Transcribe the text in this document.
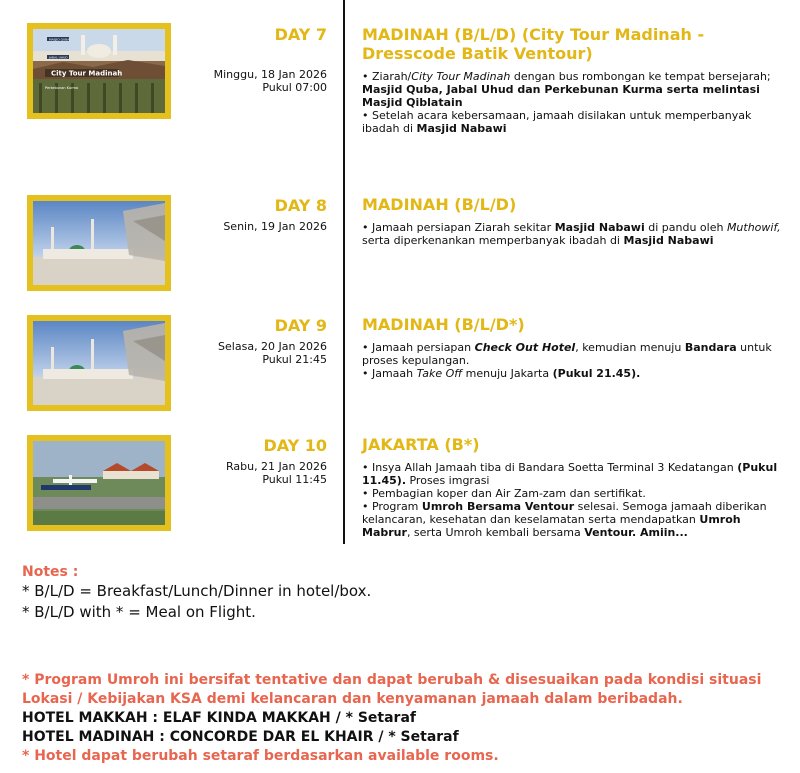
MASJID QUBA
JABAL UHUD
City Tour Madinah
Perkebunan Kurma
DAY 7
Minggu, 18 Jan 2026
Pukul 07:00
MADINAH (B/L/D) (City Tour Madinah - Dresscode Batik Ventour)

• Ziarah/City Tour Madinah dengan bus rombongan ke tempat bersejarah; Masjid Quba, Jabal Uhud dan Perkebunan Kurma serta melintasi Masjid Qiblatain

• Setelah acara kebersamaan, jamaah disilakan untuk memperbanyak ibadah di Masjid Nabawi

DAY 8
Senin, 19 Jan 2026
MADINAH (B/L/D)

• Jamaah persiapan Ziarah sekitar Masjid Nabawi di pandu oleh Muthowif, serta diperkenankan memperbanyak ibadah di Masjid Nabawi

DAY 9
Selasa, 20 Jan 2026
Pukul 21:45
MADINAH (B/L/D*)

• Jamaah persiapan Check Out Hotel, kemudian menuju Bandara untuk proses kepulangan.

• Jamaah Take Off menuju Jakarta (Pukul 21.45).

DAY 10
Rabu, 21 Jan 2026
Pukul 11:45
JAKARTA (B*)

• Insya Allah Jamaah tiba di Bandara Soetta Terminal 3 Kedatangan (Pukul 11.45). Proses imgrasi

• Pembagian koper dan Air Zam-zam dan sertifikat.

• Program Umroh Bersama Ventour selesai. Semoga jamaah diberikan kelancaran, kesehatan dan keselamatan serta mendapatkan Umroh Mabrur, serta Umroh kembali bersama Ventour. Amiin...

Notes :
* B/L/D = Breakfast/Lunch/Dinner in hotel/box.
* B/L/D with * = Meal on Flight.
* Program Umroh ini bersifat tentative dan dapat berubah & disesuaikan pada kondisi situasi Lokasi / Kebijakan KSA demi kelancaran dan kenyamanan jamaah dalam beribadah.
HOTEL MAKKAH : ELAF KINDA MAKKAH / * Setaraf
HOTEL MADINAH : CONCORDE DAR EL KHAIR / * Setaraf
* Hotel dapat berubah setaraf berdasarkan available rooms.
